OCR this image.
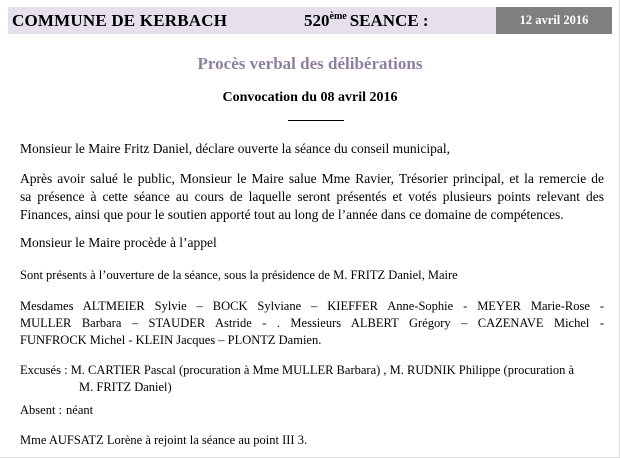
COMMUNE DE KERBACH	520ème SEANCE :	12 avril 2016
Procès verbal des délibérations
Convocation du 08 avril 2016
Monsieur le Maire Fritz Daniel, déclare ouverte la séance du conseil municipal,
Après avoir salué le public, Monsieur le Maire salue Mme Ravier, Trésorier principal, et la remercie de
sa présence à cette séance au cours de laquelle seront présentés et votés plusieurs points relevant des
Finances, ainsi que pour le soutien apporté tout au long de l’année dans ce domaine de compétences.
Monsieur le Maire procède à l’appel
Sont présents à l’ouverture de la séance, sous la présidence de M. FRITZ Daniel, Maire
Mesdames ALTMEIER Sylvie – BOCK Sylviane – KIEFFER Anne-Sophie - MEYER Marie-Rose -
MULLER Barbara – STAUDER Astride - . Messieurs ALBERT Grégory – CAZENAVE Michel -
FUNFROCK Michel - KLEIN Jacques – PLONTZ Damien.
Excusés : M. CARTIER Pascal (procuration à Mme MULLER Barbara) , M. RUDNIK Philippe (procuration à
M. FRITZ Daniel)
Absent : néant
Mme AUFSATZ Lorène à rejoint la séance au point III 3.
